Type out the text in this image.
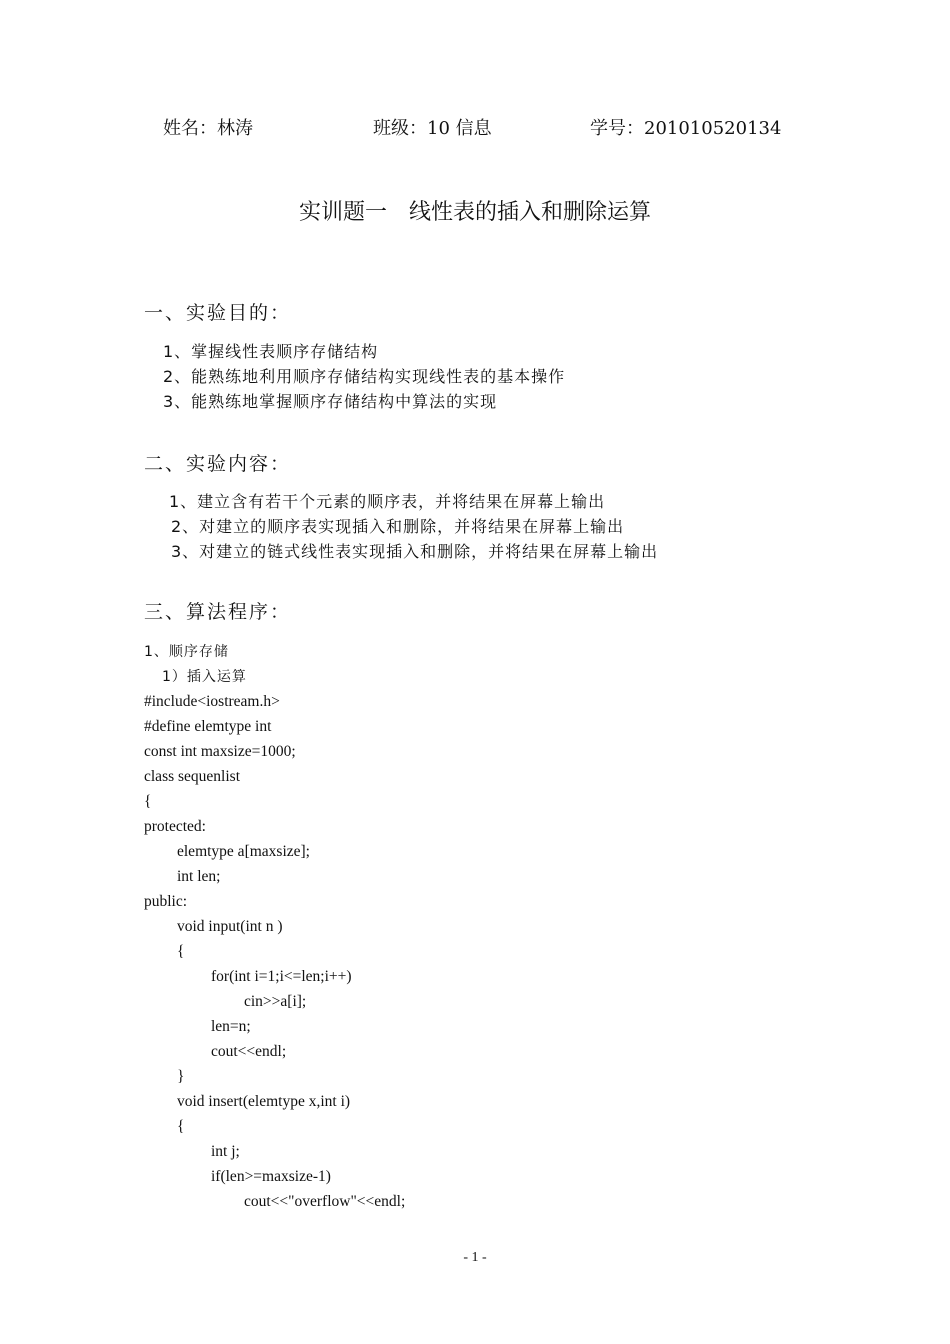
姓名：林涛	班级：10 信息	学号：201010520134
实训题一　线性表的插入和删除运算
一、实验目的：
1、掌握线性表顺序存储结构
2、能熟练地利用顺序存储结构实现线性表的基本操作
3、能熟练地掌握顺序存储结构中算法的实现
二、实验内容：
1、建立含有若干个元素的顺序表，并将结果在屏幕上输出
2、对建立的顺序表实现插入和删除，并将结果在屏幕上输出
3、对建立的链式线性表实现插入和删除，并将结果在屏幕上输出
三、算法程序：
1、顺序存储
1）插入运算
#include<iostream.h>
#define elemtype int
const int maxsize=1000;
class sequenlist
{
protected:
elemtype a[maxsize];
int len;
public:
void input(int n )
{
for(int i=1;i<=len;i++)
cin>>a[i];
len=n;
cout<<endl;
}
void insert(elemtype x,int i)
{
int j;
if(len>=maxsize-1)
cout<<"overflow"<<endl;
- 1 -
